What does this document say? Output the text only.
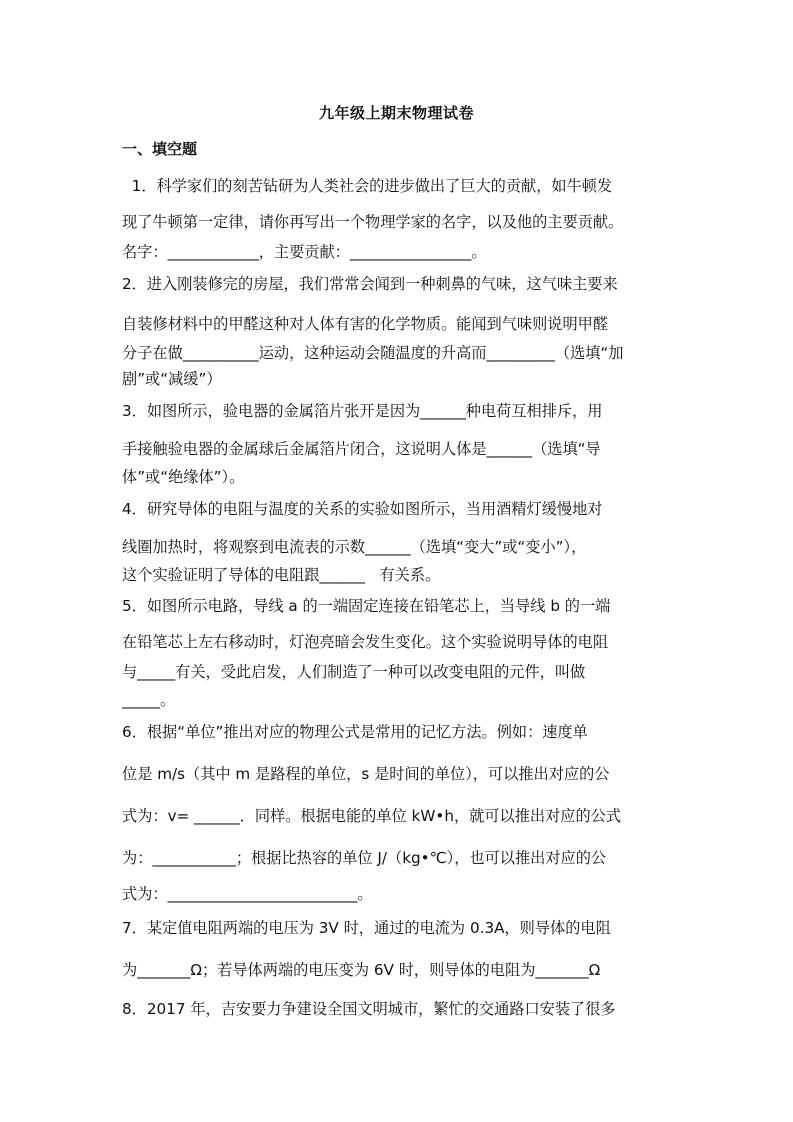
九年级上期末物理试卷
一、填空题
1．科学家们的刻苦钻研为人类社会的进步做出了巨大的贡献，如牛顿发
现了牛顿第一定律，请你再写出一个物理学家的名字，以及他的主要贡献。
名字：____________，主要贡献：________________。
2．进入刚装修完的房屋，我们常常会闻到一种刺鼻的气味，这气味主要来
自装修材料中的甲醛这种对人体有害的化学物质。能闻到气味则说明甲醛
分子在做__________运动，这种运动会随温度的升高而_________（选填“加
剧”或“减缓”）
3．如图所示，验电器的金属箔片张开是因为______种电荷互相排斥，用
手接触验电器的金属球后金属箔片闭合，这说明人体是______（选填“导
体”或“绝缘体”）。
4．研究导体的电阻与温度的关系的实验如图所示，当用酒精灯缓慢地对
线圈加热时，将观察到电流表的示数______（选填“变大”或“变小”），
这个实验证明了导体的电阻跟______   有关系。
5．如图所示电路，导线 a 的一端固定连接在铅笔芯上，当导线 b 的一端
在铅笔芯上左右移动时，灯泡亮暗会发生变化。这个实验说明导体的电阻
与_____有关，受此启发，人们制造了一种可以改变电阻的元件，叫做
_____。
6．根据“单位”推出对应的物理公式是常用的记忆方法。例如：速度单
位是 m/s（其中 m 是路程的单位，s 是时间的单位），可以推出对应的公
式为：v= ______．同样。根据电能的单位 kW•h，就可以推出对应的公式
为：___________；根据比热容的单位 J/（kg•℃），也可以推出对应的公
式为：_________________________。
7．某定值电阻两端的电压为 3V 时，通过的电流为 0.3A，则导体的电阻
为_______Ω；若导体两端的电压变为 6V 时，则导体的电阻为_______Ω
8．2017 年，吉安要力争建设全国文明城市，繁忙的交通路口安装了很多
